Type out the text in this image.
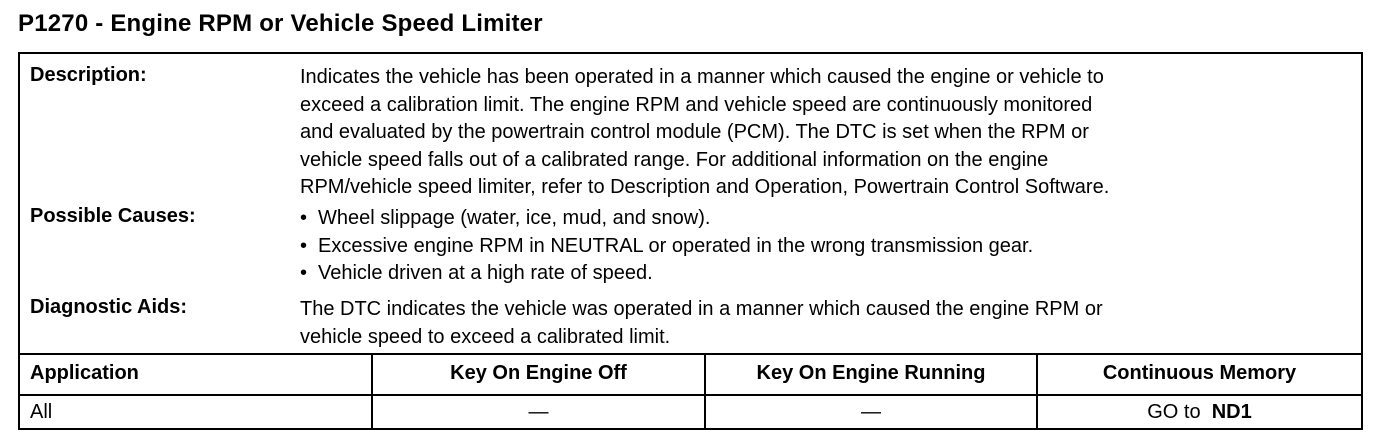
P1270 - Engine RPM or Vehicle Speed Limiter
Description:	Indicates the vehicle has been operated in a manner which caused the engine or vehicle to
exceed a calibration limit. The engine RPM and vehicle speed are continuously monitored
and evaluated by the powertrain control module (PCM). The DTC is set when the RPM or
vehicle speed falls out of a calibrated range. For additional information on the engine
RPM/vehicle speed limiter, refer to Description and Operation, Powertrain Control Software.
Possible Causes:	• Wheel slippage (water, ice, mud, and snow).
• Excessive engine RPM in NEUTRAL or operated in the wrong transmission gear.
• Vehicle driven at a high rate of speed.
Diagnostic Aids:	The DTC indicates the vehicle was operated in a manner which caused the engine RPM or
vehicle speed to exceed a calibrated limit.
Application	Key On Engine Off	Key On Engine Running	Continuous Memory
All	—	—	GO to ND1
